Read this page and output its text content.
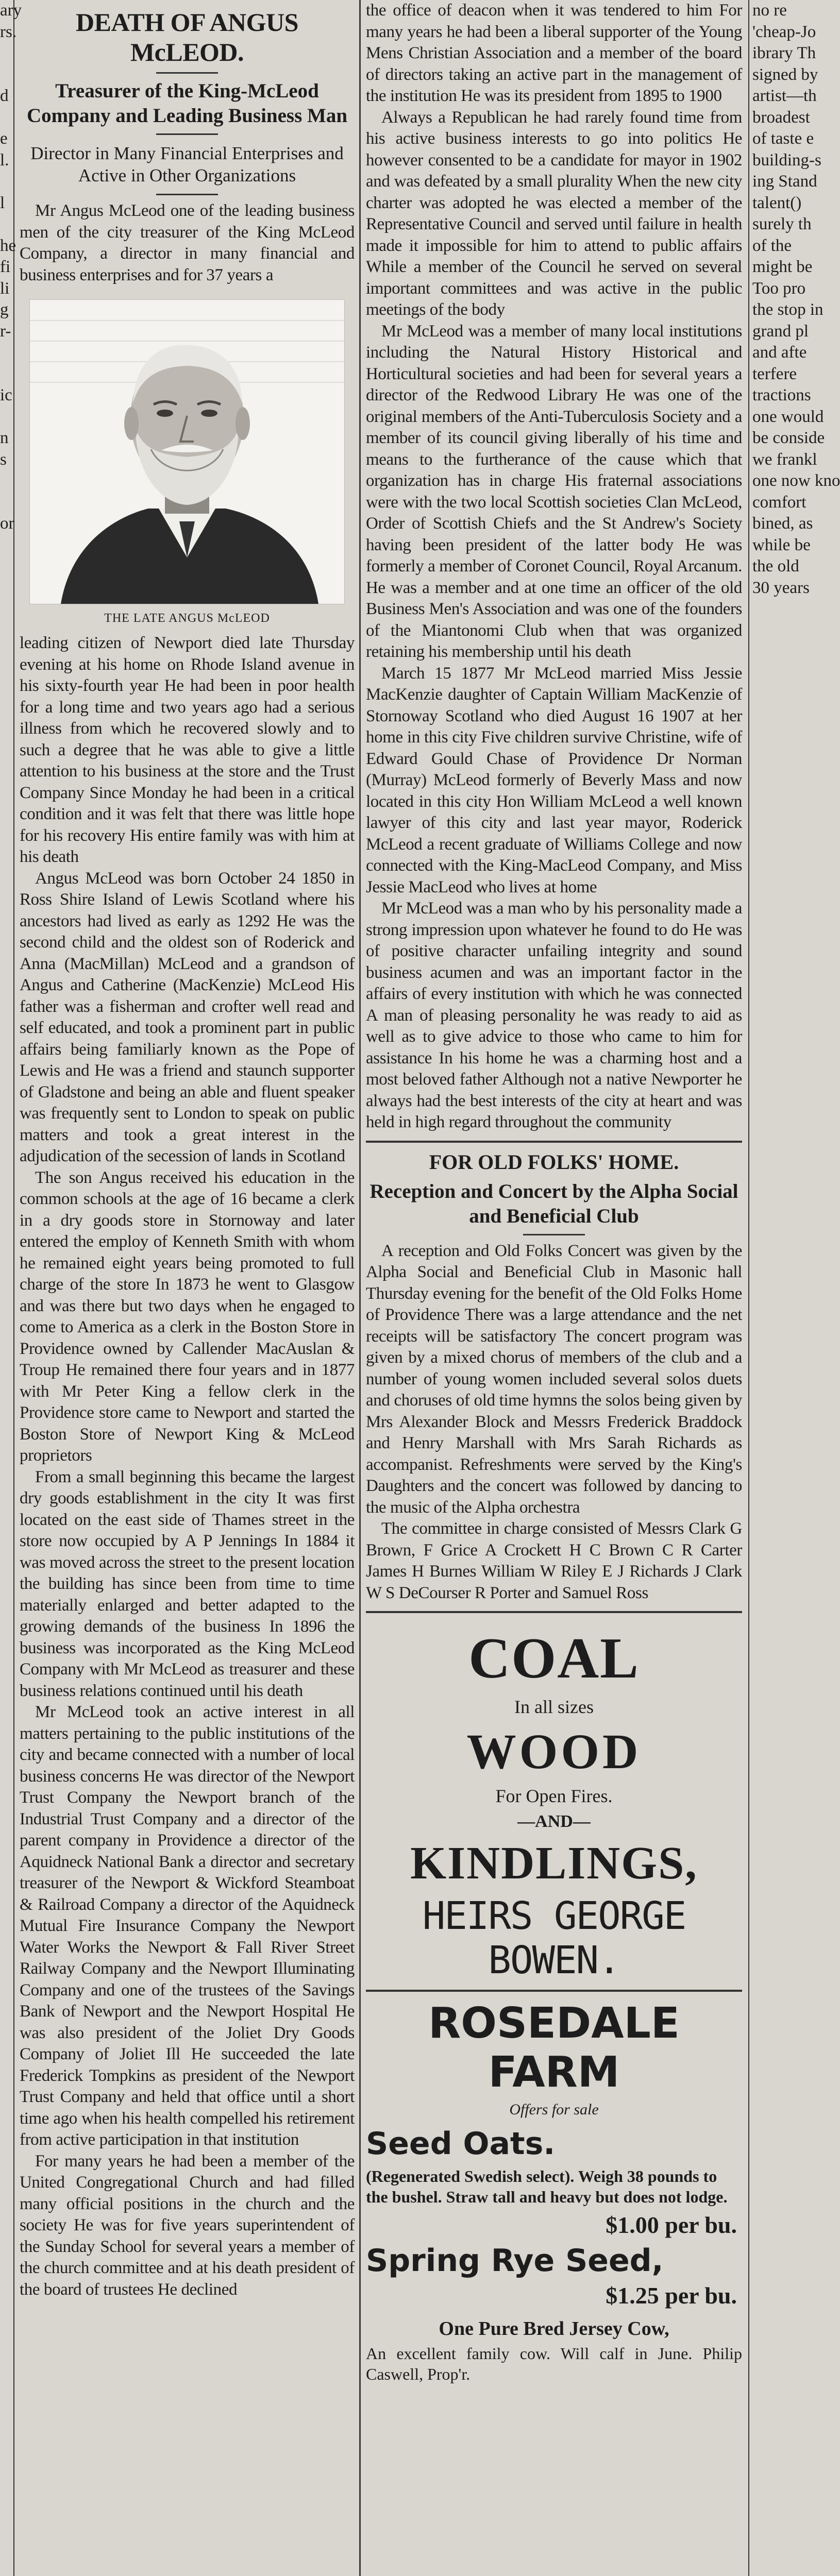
ary
rs.

d

e
l.

l

he
fi
li
g
r-

ic

n
s

or

DEATH OF ANGUS McLEOD.
Treasurer of the King-McLeod Company and Leading Business Man
Director in Many Financial Enterprises and Active in Other Organizations

Mr Angus McLeod one of the leading business men of the city treasurer of the King McLeod Company, a director in many financial and business enterprises and for 37 years a

THE LATE ANGUS McLEOD

leading citizen of Newport died late Thursday evening at his home on Rhode Island avenue in his sixty-fourth year He had been in poor health for a long time and two years ago had a serious illness from which he recovered slowly and to such a degree that he was able to give a little attention to his business at the store and the Trust Company Since Monday he had been in a critical condition and it was felt that there was little hope for his recovery His entire family was with him at his death

Angus McLeod was born October 24 1850 in Ross Shire Island of Lewis Scotland where his ancestors had lived as early as 1292 He was the second child and the oldest son of Roderick and Anna (MacMillan) McLeod and a grandson of Angus and Catherine (MacKenzie) McLeod His father was a fisherman and crofter well read and self educated, and took a prominent part in public affairs being familiarly known as the Pope of Lewis and He was a friend and staunch supporter of Gladstone and being an able and fluent speaker was frequently sent to London to speak on public matters and took a great interest in the adjudication of the secession of lands in Scotland

The son Angus received his education in the common schools at the age of 16 became a clerk in a dry goods store in Stornoway and later entered the employ of Kenneth Smith with whom he remained eight years being promoted to full charge of the store In 1873 he went to Glasgow and was there but two days when he engaged to come to America as a clerk in the Boston Store in Providence owned by Callender MacAuslan & Troup He remained there four years and in 1877 with Mr Peter King a fellow clerk in the Providence store came to Newport and started the Boston Store of Newport King & McLeod proprietors

From a small beginning this became the largest dry goods establishment in the city It was first located on the east side of Thames street in the store now occupied by A P Jennings In 1884 it was moved across the street to the present location the building has since been from time to time materially enlarged and better adapted to the growing demands of the business In 1896 the business was incorporated as the King McLeod Company with Mr McLeod as treasurer and these business relations continued until his death

Mr McLeod took an active interest in all matters pertaining to the public institutions of the city and became connected with a number of local business concerns He was director of the Newport Trust Company the Newport branch of the Industrial Trust Company and a director of the parent company in Providence a director of the Aquidneck National Bank a director and secretary treasurer of the Newport & Wickford Steamboat & Railroad Company a director of the Aquidneck Mutual Fire Insurance Company the Newport Water Works the Newport & Fall River Street Railway Company and the Newport Illuminating Company and one of the trustees of the Savings Bank of Newport and the Newport Hospital He was also president of the Joliet Dry Goods Company of Joliet Ill He succeeded the late Frederick Tompkins as president of the Newport Trust Company and held that office until a short time ago when his health compelled his retirement from active participation in that institution

For many years he had been a member of the United Congregational Church and had filled many official positions in the church and the society He was for five years superintendent of the Sunday School for several years a member of the church committee and at his death president of the board of trustees He declined

the office of deacon when it was tendered to him For many years he had been a liberal supporter of the Young Mens Christian Association and a member of the board of directors taking an active part in the management of the institution He was its president from 1895 to 1900

Always a Republican he had rarely found time from his active business interests to go into politics He however consented to be a candidate for mayor in 1902 and was defeated by a small plurality When the new city charter was adopted he was elected a member of the Representative Council and served until failure in health made it impossible for him to attend to public affairs While a member of the Council he served on several important committees and was active in the public meetings of the body

Mr McLeod was a member of many local institutions including the Natural History Historical and Horticultural societies and had been for several years a director of the Redwood Library He was one of the original members of the Anti-Tuberculosis Society and a member of its council giving liberally of his time and means to the furtherance of the cause which that organization has in charge His fraternal associations were with the two local Scottish societies Clan McLeod, Order of Scottish Chiefs and the St Andrew's Society having been president of the latter body He was formerly a member of Coronet Council, Royal Arcanum. He was a member and at one time an officer of the old Business Men's Association and was one of the founders of the Miantonomi Club when that was organized retaining his membership until his death

March 15 1877 Mr McLeod married Miss Jessie MacKenzie daughter of Captain William MacKenzie of Stornoway Scotland who died August 16 1907 at her home in this city Five children survive Christine, wife of Edward Gould Chase of Providence Dr Norman (Murray) McLeod formerly of Beverly Mass and now located in this city Hon William McLeod a well known lawyer of this city and last year mayor, Roderick McLeod a recent graduate of Williams College and now connected with the King-MacLeod Company, and Miss Jessie MacLeod who lives at home

Mr McLeod was a man who by his personality made a strong impression upon whatever he found to do He was of positive character unfailing integrity and sound business acumen and was an important factor in the affairs of every institution with which he was connected A man of pleasing personality he was ready to aid as well as to give advice to those who came to him for assistance In his home he was a charming host and a most beloved father Although not a native Newporter he always had the best interests of the city at heart and was held in high regard throughout the community

FOR OLD FOLKS' HOME.
Reception and Concert by the Alpha Social and Beneficial Club

A reception and Old Folks Concert was given by the Alpha Social and Beneficial Club in Masonic hall Thursday evening for the benefit of the Old Folks Home of Providence There was a large attendance and the net receipts will be satisfactory The concert program was given by a mixed chorus of members of the club and a number of young women included several solos duets and choruses of old time hymns the solos being given by Mrs Alexander Block and Messrs Frederick Braddock and Henry Marshall with Mrs Sarah Richards as accompanist. Refreshments were served by the King's Daughters and the concert was followed by dancing to the music of the Alpha orchestra

The committee in charge consisted of Messrs Clark G Brown, F Grice A Crockett H C Brown C R Carter James H Burnes William W Riley E J Richards J Clark W S DeCourser R Porter and Samuel Ross

COAL
In all sizes
WOOD
For Open Fires.
—AND—
KINDLINGS,
HEIRS GEORGE BOWEN.
ROSEDALE FARM
Offers for sale
Seed Oats.

(Regenerated Swedish select). Weigh 38 pounds to the bushel. Straw tall and heavy but does not lodge.

$1.00 per bu.
Spring Rye Seed,
$1.25 per bu.
One Pure Bred Jersey Cow,

An excellent family cow. Will calf in June. Philip Caswell, Prop'r.

no re
'cheap-Jo
ibrary Th
signed by
artist—th
broadest
of taste e
building-s
ing Stand
talent()
surely th
of the
might be
Too pro
the stop in
grand pl
and afte
terfere
tractions
one would
be conside
we frankl
one now kno
comfort
bined, as
while be
the old
30 years
